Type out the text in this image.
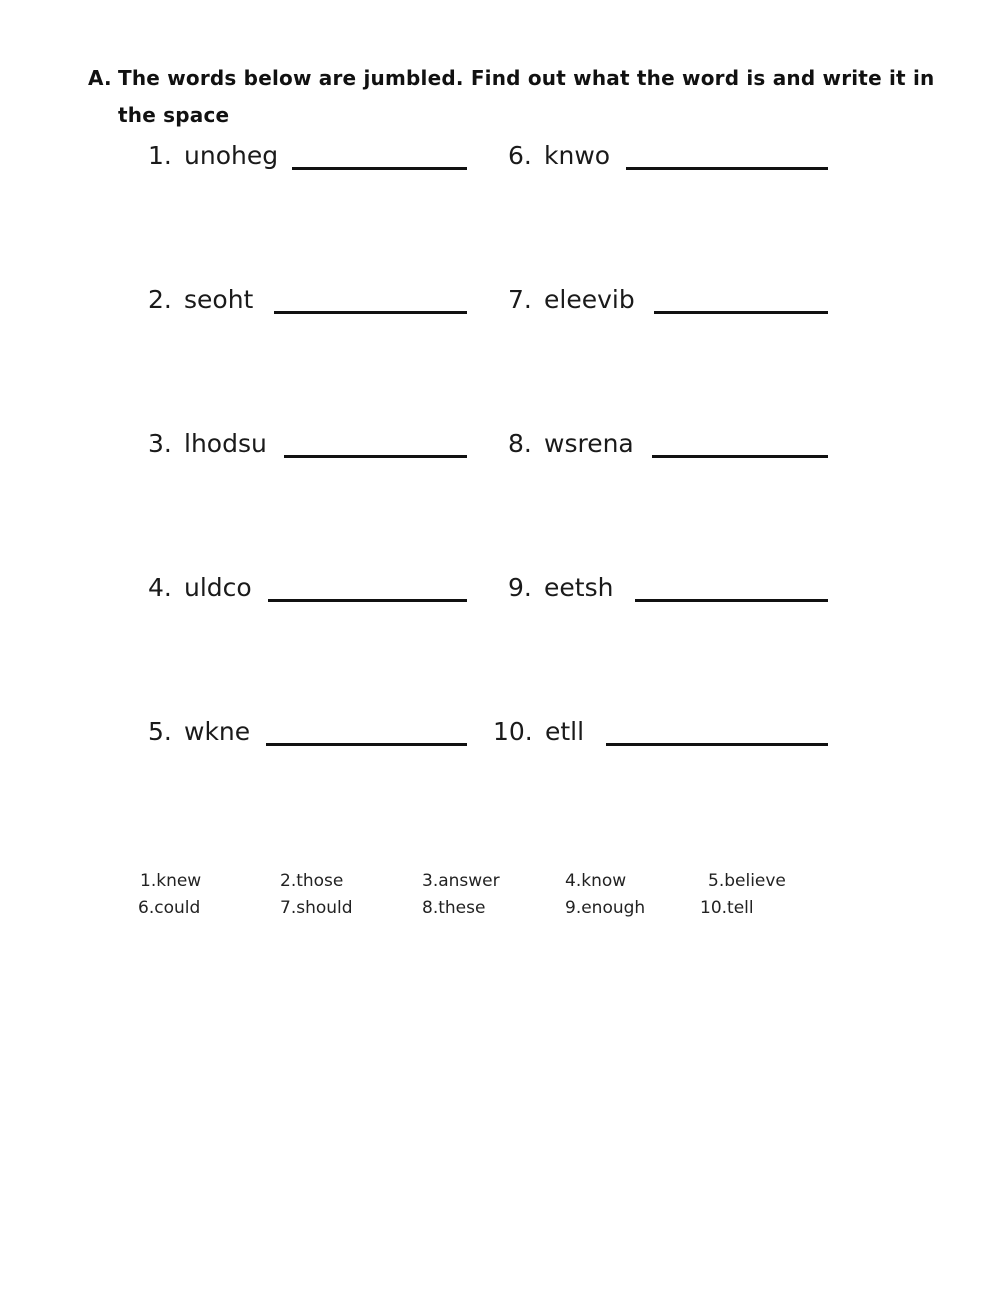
A. The words below are jumbled. Find out what the word is and write it in the space
1. unoheg
2. seoht
3. lhodsu
4. uldco
5. wkne
6. knwo
7. eleevib
8. wsrena
9. eetsh
10. etll
1.knew	2.those	3.answer	4.know	5.believe
6.could	7.should	8.these	9.enough	10.tell
